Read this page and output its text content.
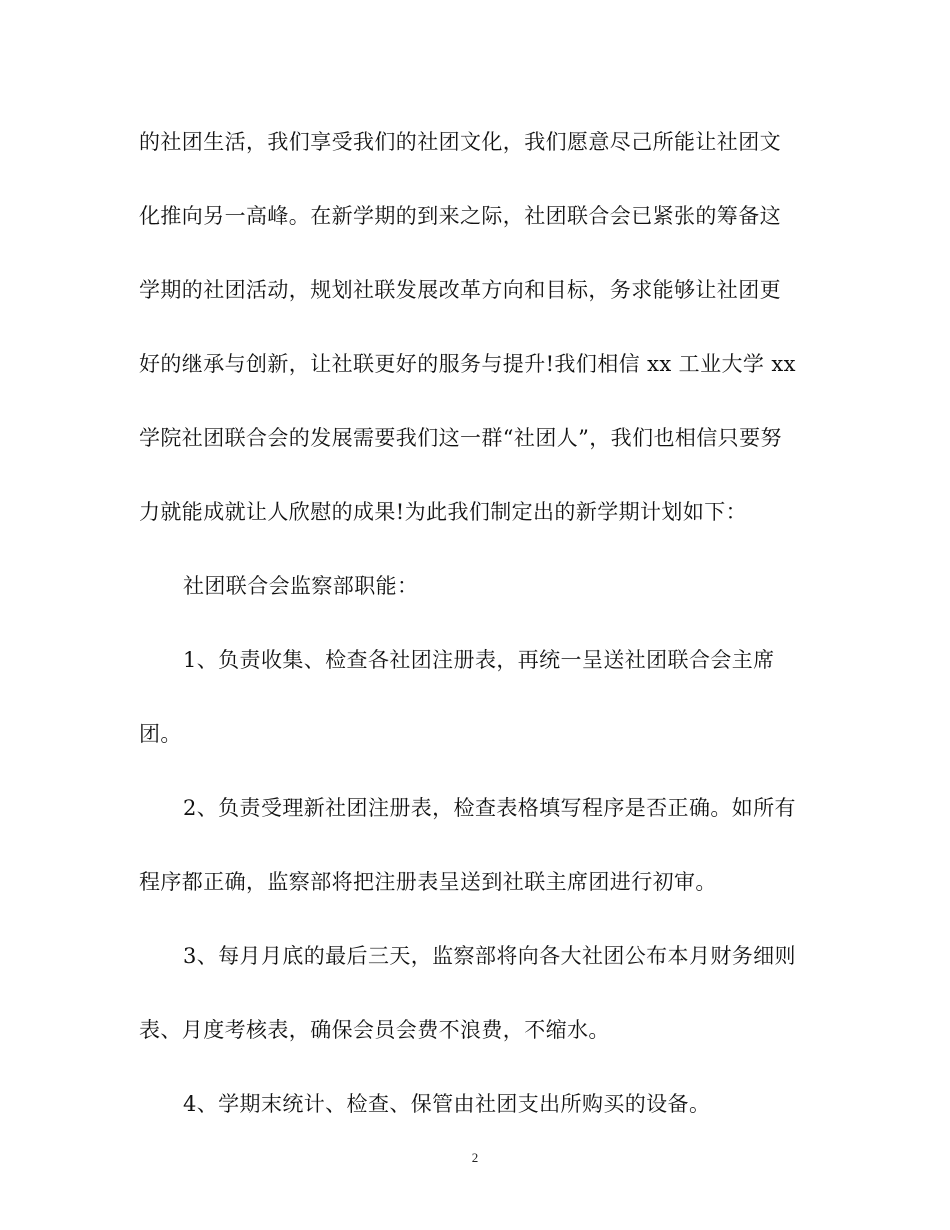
的社团生活，我们享受我们的社团文化，我们愿意尽己所能让社团文
化推向另一高峰。在新学期的到来之际，社团联合会已紧张的筹备这
学期的社团活动，规划社联发展改革方向和目标，务求能够让社团更
好的继承与创新，让社联更好的服务与提升!我们相信 xx 工业大学 xx
学院社团联合会的发展需要我们这一群“社团人”，我们也相信只要努
力就能成就让人欣慰的成果!为此我们制定出的新学期计划如下：
社团联合会监察部职能：
1、负责收集、检查各社团注册表，再统一呈送社团联合会主席
团。
2、负责受理新社团注册表，检查表格填写程序是否正确。如所有
程序都正确，监察部将把注册表呈送到社联主席团进行初审。
3、每月月底的最后三天，监察部将向各大社团公布本月财务细则
表、月度考核表，确保会员会费不浪费，不缩水。
4、学期末统计、检查、保管由社团支出所购买的设备。
2
